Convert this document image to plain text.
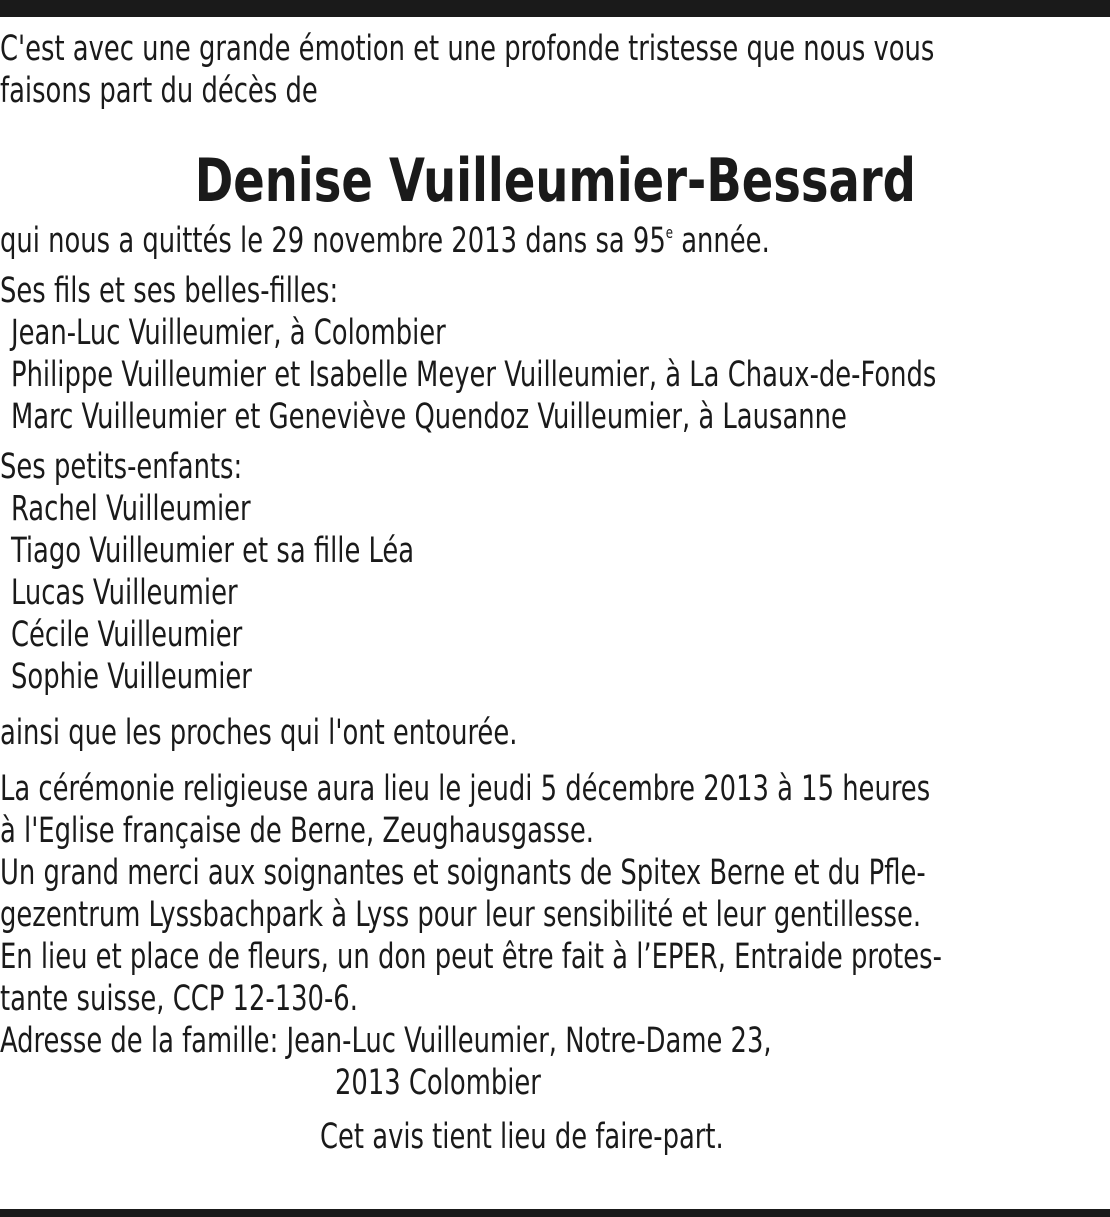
C'est avec une grande émotion et une profonde tristesse que nous vous
faisons part du décès de
Denise Vuilleumier-Bessard
qui nous a quittés le 29 novembre 2013 dans sa 95e année.
Ses fils et ses belles-filles:
Jean-Luc Vuilleumier, à Colombier
Philippe Vuilleumier et Isabelle Meyer Vuilleumier, à La Chaux-de-Fonds
Marc Vuilleumier et Geneviève Quendoz Vuilleumier, à Lausanne
Ses petits-enfants:
Rachel Vuilleumier
Tiago Vuilleumier et sa fille Léa
Lucas Vuilleumier
Cécile Vuilleumier
Sophie Vuilleumier
ainsi que les proches qui l'ont entourée.
La cérémonie religieuse aura lieu le jeudi 5 décembre 2013 à 15 heures
à l'Eglise française de Berne, Zeughausgasse.
Un grand merci aux soignantes et soignants de Spitex Berne et du Pfle-
gezentrum Lyssbachpark à Lyss pour leur sensibilité et leur gentillesse.
En lieu et place de fleurs, un don peut être fait à l’EPER, Entraide protes-
tante suisse, CCP 12-130-6.
Adresse de la famille: Jean-Luc Vuilleumier, Notre-Dame 23,
2013 Colombier
Cet avis tient lieu de faire-part.
